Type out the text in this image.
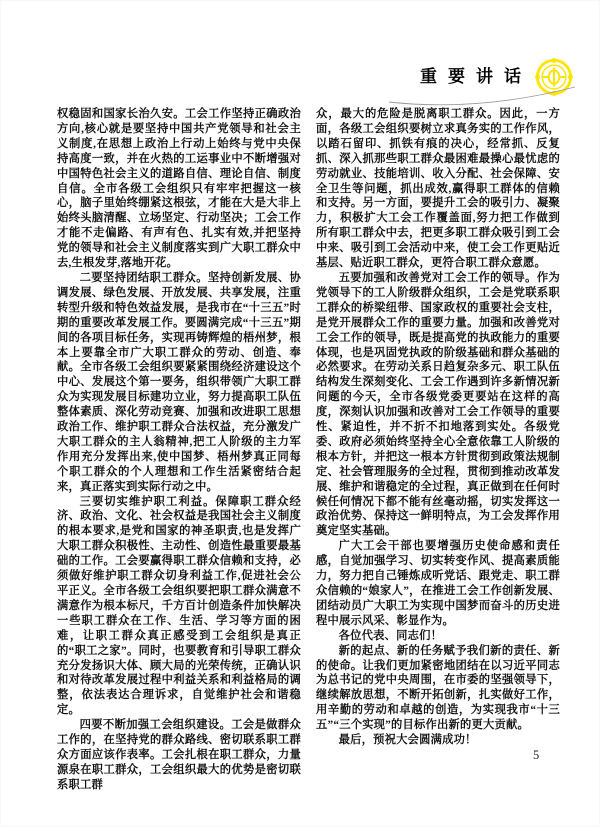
重要讲话

权稳固和国家长治久安。工会工作坚持正确政治方向,核心就是要坚持中国共产党领导和社会主义制度,在思想上政治上行动上始终与党中央保持高度一致，并在火热的工运事业中不断增强对中国特色社会主义的道路自信、理论自信、制度自信。全市各级工会组织只有牢牢把握这一核心，脑子里始终绷紧这根弦，才能在大是大非上始终头脑清醒、立场坚定、行动坚决；工会工作才能不走偏路、有声有色、扎实有效,并把坚持党的领导和社会主义制度落实到广大职工群众中去,生根发芽,落地开花。

二要坚持团结职工群众。坚持创新发展、协调发展、绿色发展、开放发展、共享发展，注重转型升级和特色效益发展，是我市在“十三五”时期的重要改革发展工作。要圆满完成“十三五”期间的各项目标任务，实现再铸辉煌的梧州梦，根本上要靠全市广大职工群众的劳动、创造、奉献。全市各级工会组织要紧紧围绕经济建设这个中心、发展这个第一要务，组织带领广大职工群众为实现发展目标建功立业，努力提高职工队伍整体素质、深化劳动竞赛、加强和改进职工思想政治工作、维护职工群众合法权益，充分激发广大职工群众的主人翁精神,把工人阶级的主力军作用充分发挥出来,使中国梦、梧州梦真正同每个职工群众的个人理想和工作生活紧密结合起来，真正落实到实际行动之中。

三要切实维护职工利益。保障职工群众经济、政治、文化、社会权益是我国社会主义制度的根本要求,是党和国家的神圣职责,也是发挥广大职工群众积极性、主动性、创造性最重要最基础的工作。工会要赢得职工群众信赖和支持，必须做好维护职工群众切身利益工作,促进社会公平正义。全市各级工会组织要把职工群众满意不满意作为根本标尺，千方百计创造条件加快解决一些职工群众在工作、生活、学习等方面的困难，让职工群众真正感受到工会组织是真正的“职工之家”。同时，也要教育和引导职工群众充分发扬识大体、顾大局的光荣传统，正确认识和对待改革发展过程中利益关系和利益格局的调整，依法表达合理诉求，自觉维护社会和谐稳定。

四要不断加强工会组织建设。工会是做群众工作的，在坚持党的群众路线、密切联系职工群众方面应该作表率。工会扎根在职工群众，力量源泉在职工群众，工会组织最大的优势是密切联系职工群

众，最大的危险是脱离职工群众。因此，一方面，各级工会组织要树立求真务实的工作作风，以踏石留印、抓铁有痕的决心，经常抓、反复抓、深入抓那些职工群众最困难最操心最忧虑的劳动就业、技能培训、收入分配、社会保障、安全卫生等问题，抓出成效,赢得职工群体的信赖和支持。另一方面，要提升工会的吸引力、凝聚力，积极扩大工会工作覆盖面,努力把工作做到所有职工群众中去，把更多职工群众吸引到工会中来、吸引到工会活动中来，使工会工作更贴近基层、贴近职工群众，更符合职工群众意愿。

五要加强和改善党对工会工作的领导。作为党领导下的工人阶级群众组织，工会是党联系职工群众的桥梁纽带、国家政权的重要社会支柱，是党开展群众工作的重要力量。加强和改善党对工会工作的领导，既是提高党的执政能力的重要体现，也是巩固党执政的阶级基础和群众基础的必然要求。在劳动关系日趋复杂多元、职工队伍结构发生深刻变化、工会工作遇到许多新情况新问题的今天，全市各级党委更要站在这样的高度，深刻认识加强和改善对工会工作领导的重要性、紧迫性，并不折不扣地落到实处。各级党委、政府必须始终坚持全心全意依靠工人阶级的根本方针，并把这一根本方针贯彻到政策法规制定、社会管理服务的全过程，贯彻到推动改革发展、维护和谐稳定的全过程，真正做到在任何时候任何情况下都不能有丝毫动摇，切实发挥这一政治优势、保持这一鲜明特点，为工会发挥作用奠定坚实基础。

广大工会干部也要增强历史使命感和责任感，自觉加强学习、切实转变作风、提高素质能力，努力把自己锤炼成听党话、跟党走、职工群众信赖的“娘家人”，在推进工会工作创新发展、团结动员广大职工为实现中国梦而奋斗的历史进程中展示风采、彰显作为。

各位代表、同志们！

新的起点、新的任务赋予我们新的责任、新的使命。让我们更加紧密地团结在以习近平同志为总书记的党中央周围，在市委的坚强领导下，继续解放思想，不断开拓创新，扎实做好工作，用辛勤的劳动和卓越的创造，为实现我市“十三五”“三个实现”的目标作出新的更大贡献。

最后，预祝大会圆满成功！

5
